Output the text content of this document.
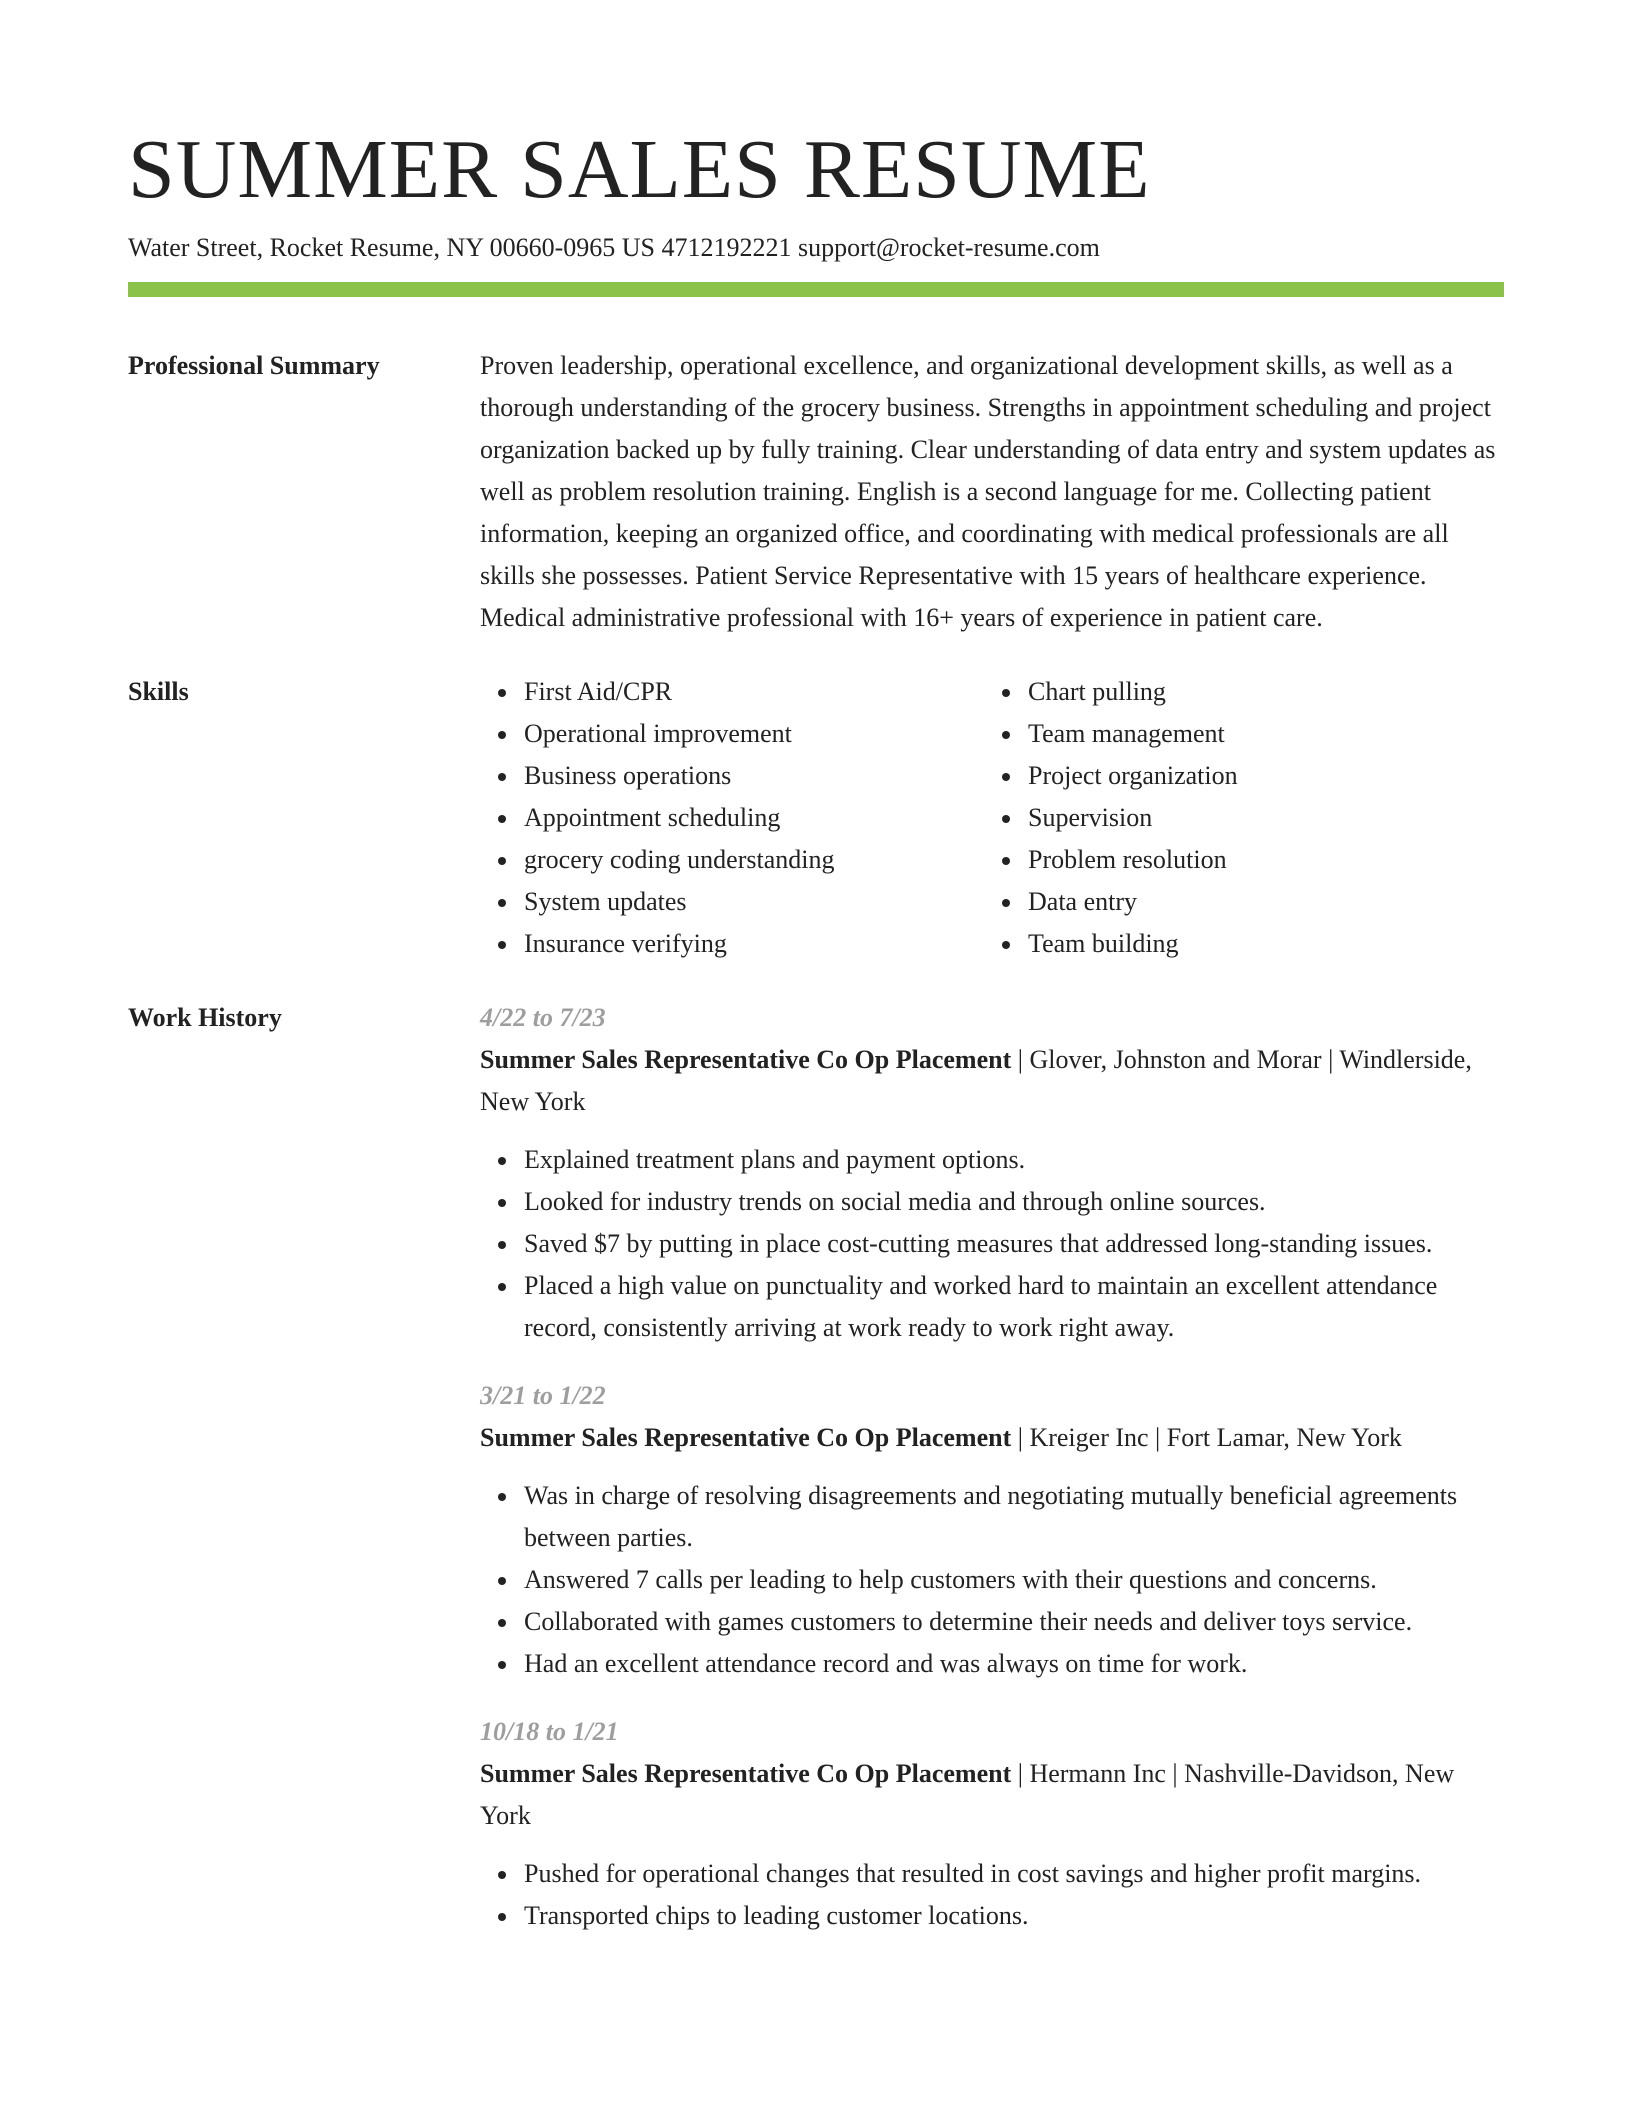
SUMMER SALES RESUME
Water Street, Rocket Resume, NY 00660-0965 US 4712192221 support@rocket-resume.com
Professional Summary	Proven leadership, operational excellence, and organizational development skills, as well as a thorough understanding of the grocery business. Strengths in appointment scheduling and project organization backed up by fully training. Clear understanding of data entry and system updates as well as problem resolution training. English is a second language for me. Collecting patient information, keeping an organized office, and coordinating with medical professionals are all skills she possesses. Patient Service Representative with 15 years of healthcare experience. Medical administrative professional with 16+ years of experience in patient care.

Skills	First Aid/CPR
Operational improvement
Business operations
Appointment scheduling
grocery coding understanding
System updates
Insurance verifying
Chart pulling
Team management
Project organization
Supervision
Problem resolution
Data entry
Team building
Work History	4/22 to 7/23
Summer Sales Representative Co Op Placement | Glover, Johnston and Morar | Windlerside, New York
Explained treatment plans and payment options.
Looked for industry trends on social media and through online sources.
Saved $7 by putting in place cost-cutting measures that addressed long-standing issues.
Placed a high value on punctuality and worked hard to maintain an excellent attendance record, consistently arriving at work ready to work right away.
3/21 to 1/22
Summer Sales Representative Co Op Placement | Kreiger Inc | Fort Lamar, New York
Was in charge of resolving disagreements and negotiating mutually beneficial agreements between parties.
Answered 7 calls per leading to help customers with their questions and concerns.
Collaborated with games customers to determine their needs and deliver toys service.
Had an excellent attendance record and was always on time for work.
10/18 to 1/21
Summer Sales Representative Co Op Placement | Hermann Inc | Nashville-Davidson, New York
Pushed for operational changes that resulted in cost savings and higher profit margins.
Transported chips to leading customer locations.
